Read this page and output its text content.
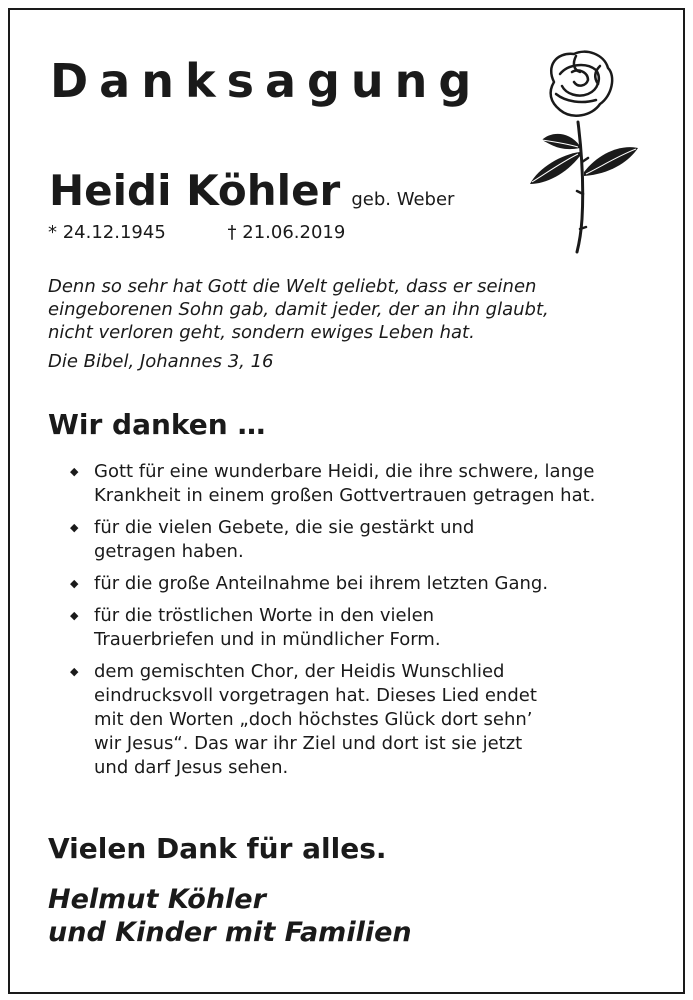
Danksagung
Heidi Köhler geb. Weber
* 24.12.1945	† 21.06.2019
Denn so sehr hat Gott die Welt geliebt, dass er seinen
eingeborenen Sohn gab, damit jeder, der an ihn glaubt,
nicht verloren geht, sondern ewiges Leben hat.
Die Bibel, Johannes 3, 16
Wir danken …
◆ Gott für eine wunderbare Heidi, die ihre schwere, lange
Krankheit in einem großen Gottvertrauen getragen hat.
◆ für die vielen Gebete, die sie gestärkt und
getragen haben.
◆ für die große Anteilnahme bei ihrem letzten Gang.
◆ für die tröstlichen Worte in den vielen
Trauerbriefen und in mündlicher Form.
◆ dem gemischten Chor, der Heidis Wunschlied
eindrucksvoll vorgetragen hat. Dieses Lied endet
mit den Worten „doch höchstes Glück dort sehn’
wir Jesus“. Das war ihr Ziel und dort ist sie jetzt
und darf Jesus sehen.
Vielen Dank für alles.
Helmut Köhler
und Kinder mit Familien
